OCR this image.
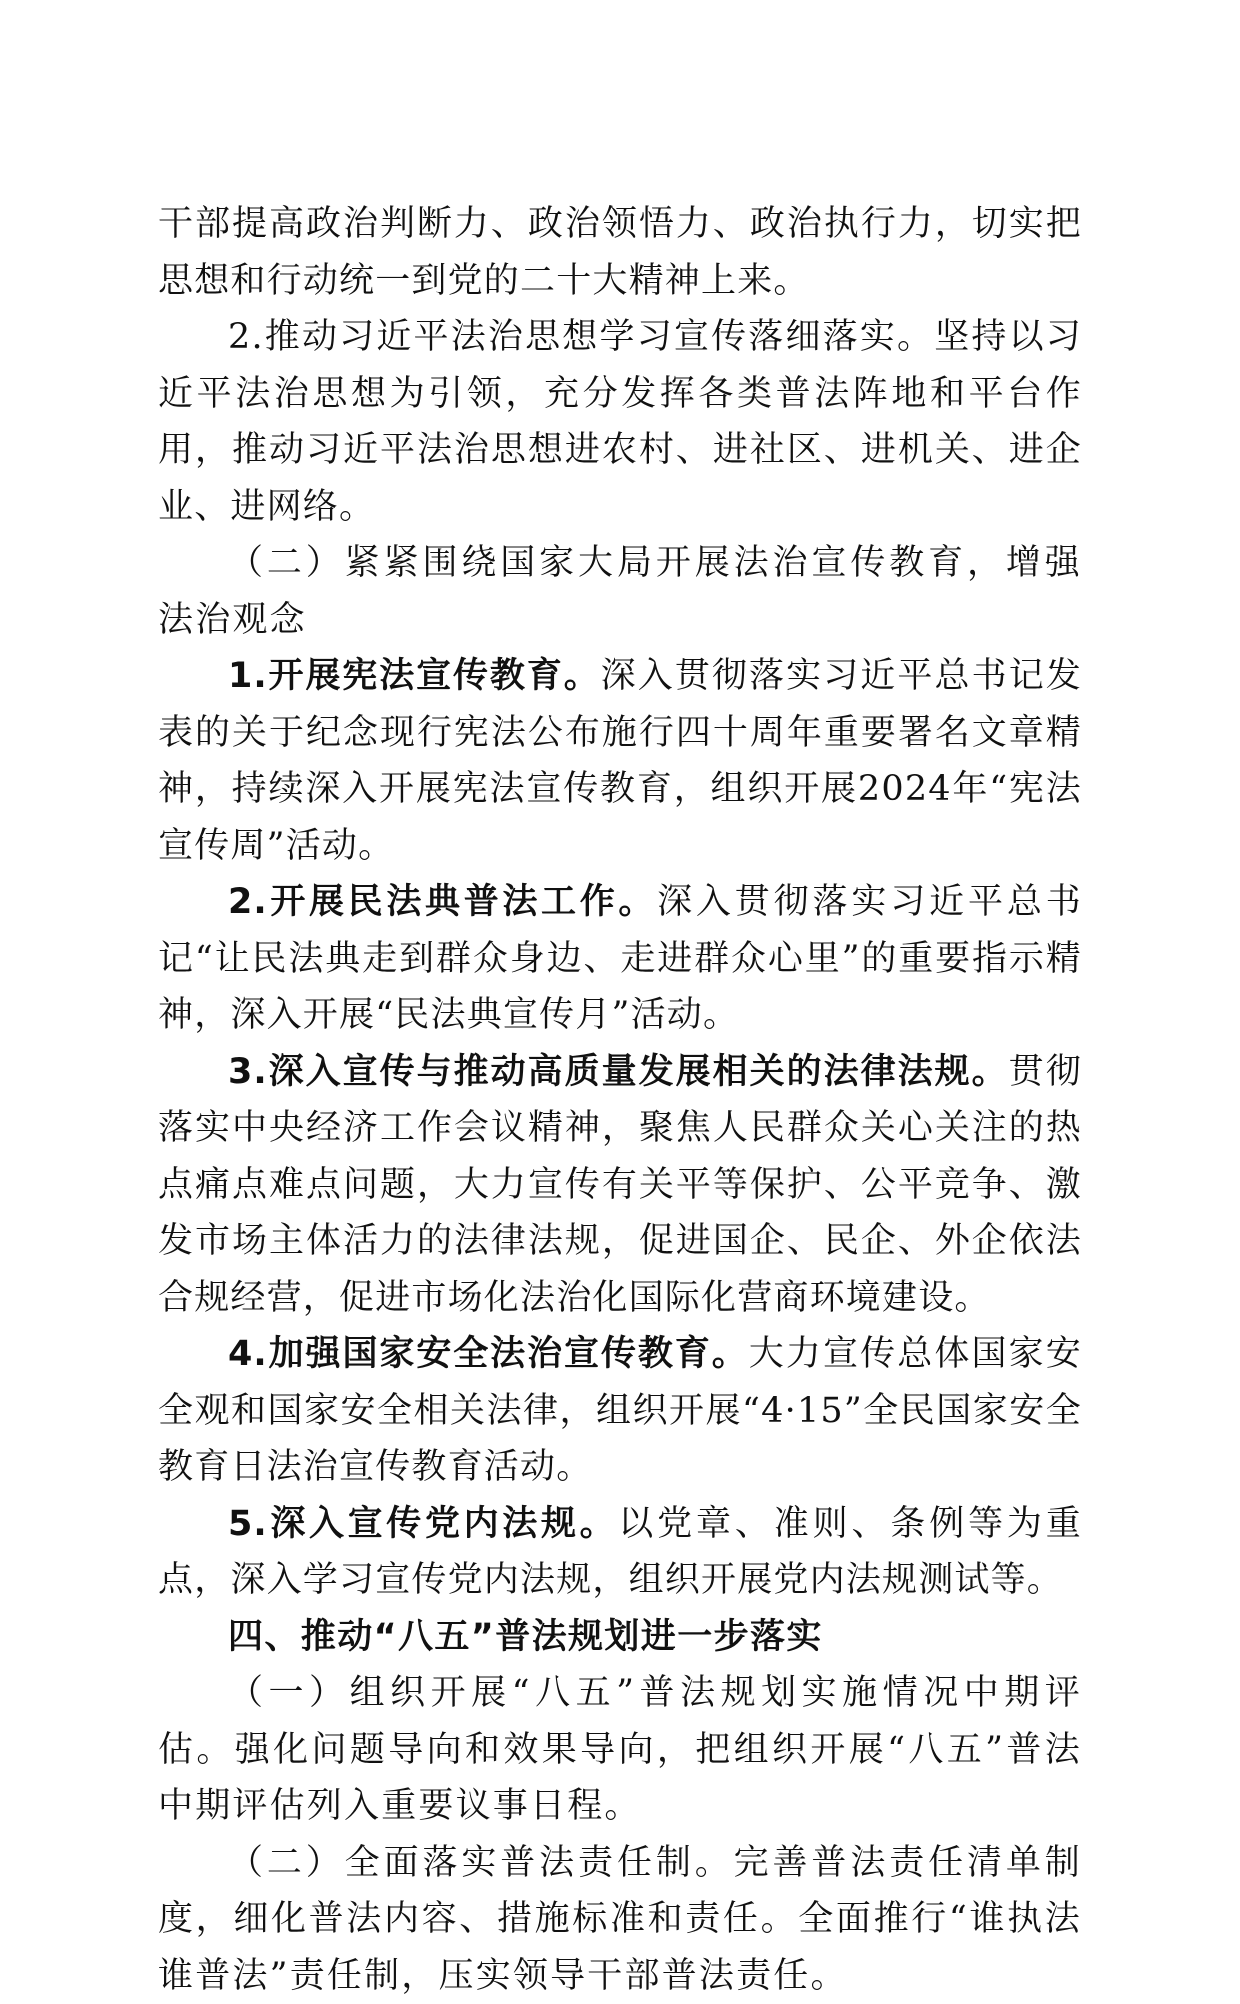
干部提高政治判断力、政治领悟力、政治执行力，切实把思想和行动统一到党的二十大精神上来。

2.推动习近平法治思想学习宣传落细落实。坚持以习近平法治思想为引领，充分发挥各类普法阵地和平台作用，推动习近平法治思想进农村、进社区、进机关、进企业、进网络。

（二）紧紧围绕国家大局开展法治宣传教育，增强法治观念

1.开展宪法宣传教育。深入贯彻落实习近平总书记发表的关于纪念现行宪法公布施行四十周年重要署名文章精神，持续深入开展宪法宣传教育，组织开展2024年“宪法宣传周”活动。

2.开展民法典普法工作。深入贯彻落实习近平总书记“让民法典走到群众身边、走进群众心里”的重要指示精神，深入开展“民法典宣传月”活动。

3.深入宣传与推动高质量发展相关的法律法规。贯彻落实中央经济工作会议精神，聚焦人民群众关心关注的热点痛点难点问题，大力宣传有关平等保护、公平竞争、激发市场主体活力的法律法规，促进国企、民企、外企依法合规经营，促进市场化法治化国际化营商环境建设。

4.加强国家安全法治宣传教育。大力宣传总体国家安全观和国家安全相关法律，组织开展“4·15”全民国家安全教育日法治宣传教育活动。

5.深入宣传党内法规。以党章、准则、条例等为重点，深入学习宣传党内法规，组织开展党内法规测试等。

四、推动“八五”普法规划进一步落实

（一）组织开展“八五”普法规划实施情况中期评估。强化问题导向和效果导向，把组织开展“八五”普法中期评估列入重要议事日程。

（二）全面落实普法责任制。完善普法责任清单制度，细化普法内容、措施标准和责任。全面推行“谁执法谁普法”责任制，压实领导干部普法责任。
